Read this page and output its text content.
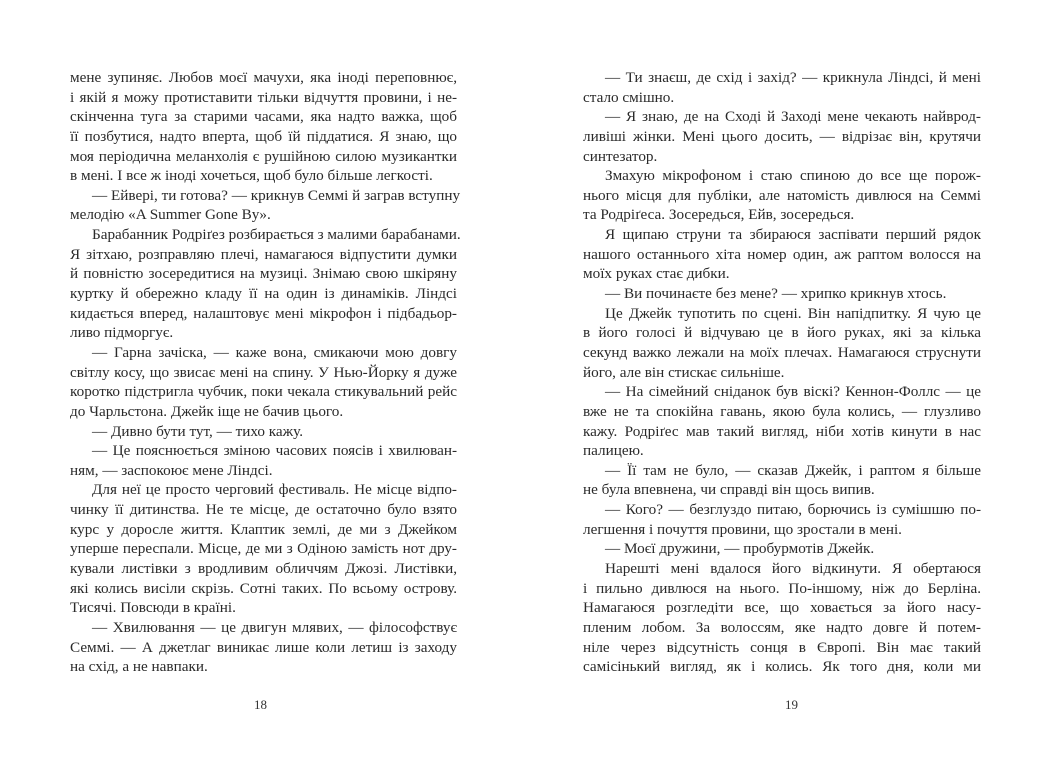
мене зупиняє. Любов моєї мачухи, яка іноді переповнює,
і якій я можу протиставити тільки відчуття провини, і не-
скінченна туга за старими часами, яка надто важка, щоб
її позбутися, надто вперта, щоб їй піддатися. Я знаю, що
моя періодична меланхолія є рушійною силою музикантки
в мені. І все ж іноді хочеться, щоб було більше легкості.
— Ейвері, ти готова? — крикнув Семмі й заграв вступну
мелодію «A Summer Gone By».
Барабанник Родріґез розбирається з малими барабанами.
Я зітхаю, розправляю плечі, намагаюся відпустити думки
й повністю зосередитися на музиці. Знімаю свою шкіряну
куртку й обережно кладу її на один із динаміків. Ліндсі
кидається вперед, налаштовує мені мікрофон і підбадьор-
ливо підморгує.
— Гарна зачіска, — каже вона, смикаючи мою довгу
світлу косу, що звисає мені на спину. У Нью-Йорку я дуже
коротко підстригла чубчик, поки чекала стикувальний рейс
до Чарльстона. Джейк іще не бачив цього.
— Дивно бути тут, — тихо кажу.
— Це пояснюється зміною часових поясів і хвилюван-
ням, — заспокоює мене Ліндсі.
Для неї це просто черговий фестиваль. Не місце відпо-
чинку її дитинства. Не те місце, де остаточно було взято
курс у доросле життя. Клаптик землі, де ми з Джейком
уперше переспали. Місце, де ми з Одіною замість нот дру-
кували листівки з вродливим обличчям Джозі. Листівки,
які колись висіли скрізь. Сотні таких. По всьому острову.
Тисячі. Повсюди в країні.
— Хвилювання — це двигун млявих, — філософствує
Семмі. — А джетлаг виникає лише коли летиш із заходу
на схід, а не навпаки.
18
— Ти знаєш, де схід і захід? — крикнула Ліндсі, й мені
стало смішно.
— Я знаю, де на Сході й Заході мене чекають найврод-
ливіші жінки. Мені цього досить, — відрізає він, крутячи
синтезатор.
Змахую мікрофоном і стаю спиною до все ще порож-
нього місця для публіки, але натомість дивлюся на Семмі
та Родріґеса. Зосередься, Ейв, зосередься.
Я щипаю струни та збираюся заспівати перший рядок
нашого останнього хіта номер один, аж раптом волосся на
моїх руках стає дибки.
— Ви починаєте без мене? — хрипко крикнув хтось.
Це Джейк тупотить по сцені. Він напідпитку. Я чую це
в його голосі й відчуваю це в його руках, які за кілька
секунд важко лежали на моїх плечах. Намагаюся струснути
його, але він стискає сильніше.
— На сімейний сніданок був віскі? Кеннон-Фоллс — це
вже не та спокійна гавань, якою була колись, — глузливо
кажу. Родріґес мав такий вигляд, ніби хотів кинути в нас
палицею.
— Її там не було, — сказав Джейк, і раптом я більше
не була впевнена, чи справді він щось випив.
— Кого? — безглуздо питаю, борючись із сумішшю по-
легшення і почуття провини, що зростали в мені.
— Моєї дружини, — пробурмотів Джейк.
Нарешті мені вдалося його відкинути. Я обертаюся
і пильно дивлюся на нього. По-іншому, ніж до Берліна.
Намагаюся розгледіти все, що ховається за його насу-
пленим лобом. За волоссям, яке надто довге й потем-
ніле через відсутність сонця в Європі. Він має такий
самісінький вигляд, як і колись. Як того дня, коли ми
19
